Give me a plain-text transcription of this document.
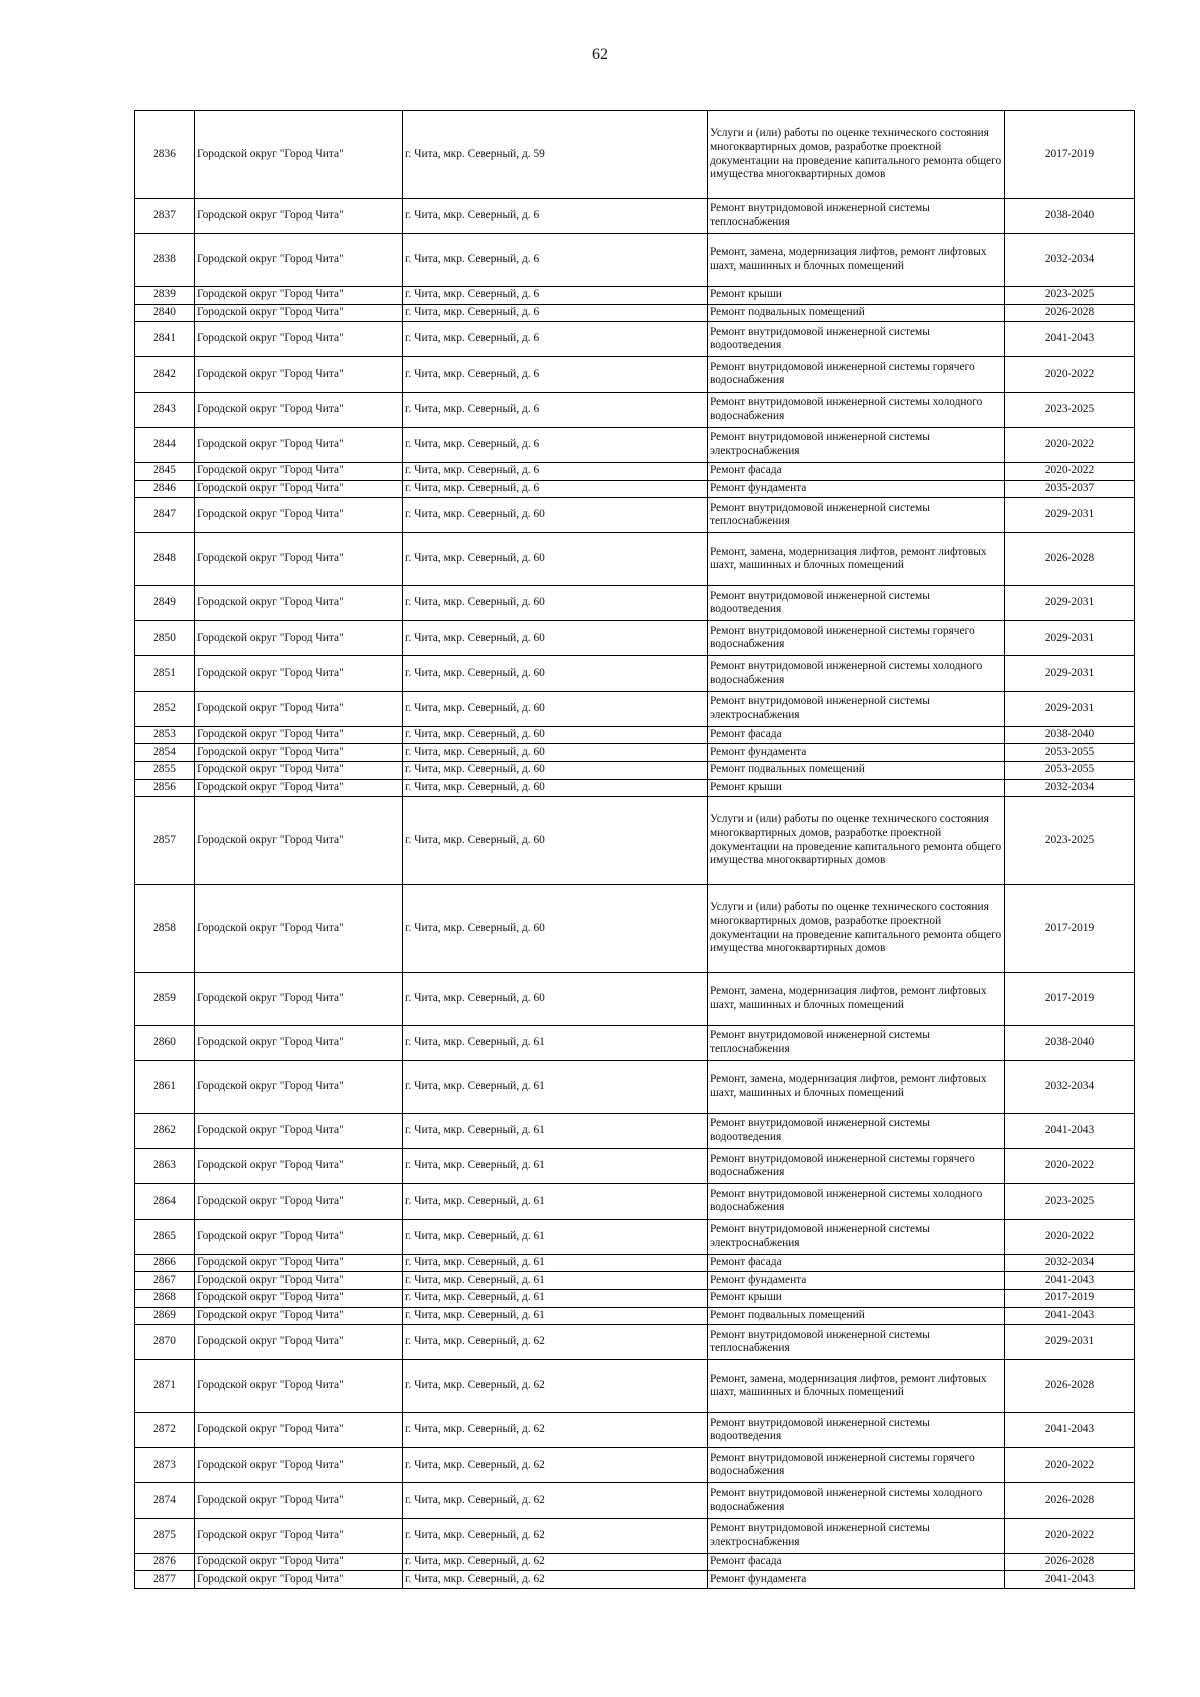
62
2836	Городской округ "Город Чита"	г. Чита, мкр. Северный, д. 59	Услуги и (или) работы по оценке технического состояния многоквартирных домов, разработке проектной документации на проведение капитального ремонта общего имущества многоквартирных домов	2017-2019
2837	Городской округ "Город Чита"	г. Чита, мкр. Северный, д. 6	Ремонт внутридомовой инженерной системы теплоснабжения	2038-2040
2838	Городской округ "Город Чита"	г. Чита, мкр. Северный, д. 6	Ремонт, замена, модернизация лифтов, ремонт лифтовых шахт, машинных и блочных помещений	2032-2034
2839	Городской округ "Город Чита"	г. Чита, мкр. Северный, д. 6	Ремонт крыши	2023-2025
2840	Городской округ "Город Чита"	г. Чита, мкр. Северный, д. 6	Ремонт подвальных помещений	2026-2028
2841	Городской округ "Город Чита"	г. Чита, мкр. Северный, д. 6	Ремонт внутридомовой инженерной системы водоотведения	2041-2043
2842	Городской округ "Город Чита"	г. Чита, мкр. Северный, д. 6	Ремонт внутридомовой инженерной системы горячего водоснабжения	2020-2022
2843	Городской округ "Город Чита"	г. Чита, мкр. Северный, д. 6	Ремонт внутридомовой инженерной системы холодного водоснабжения	2023-2025
2844	Городской округ "Город Чита"	г. Чита, мкр. Северный, д. 6	Ремонт внутридомовой инженерной системы электроснабжения	2020-2022
2845	Городской округ "Город Чита"	г. Чита, мкр. Северный, д. 6	Ремонт фасада	2020-2022
2846	Городской округ "Город Чита"	г. Чита, мкр. Северный, д. 6	Ремонт фундамента	2035-2037
2847	Городской округ "Город Чита"	г. Чита, мкр. Северный, д. 60	Ремонт внутридомовой инженерной системы теплоснабжения	2029-2031
2848	Городской округ "Город Чита"	г. Чита, мкр. Северный, д. 60	Ремонт, замена, модернизация лифтов, ремонт лифтовых шахт, машинных и блочных помещений	2026-2028
2849	Городской округ "Город Чита"	г. Чита, мкр. Северный, д. 60	Ремонт внутридомовой инженерной системы водоотведения	2029-2031
2850	Городской округ "Город Чита"	г. Чита, мкр. Северный, д. 60	Ремонт внутридомовой инженерной системы горячего водоснабжения	2029-2031
2851	Городской округ "Город Чита"	г. Чита, мкр. Северный, д. 60	Ремонт внутридомовой инженерной системы холодного водоснабжения	2029-2031
2852	Городской округ "Город Чита"	г. Чита, мкр. Северный, д. 60	Ремонт внутридомовой инженерной системы электроснабжения	2029-2031
2853	Городской округ "Город Чита"	г. Чита, мкр. Северный, д. 60	Ремонт фасада	2038-2040
2854	Городской округ "Город Чита"	г. Чита, мкр. Северный, д. 60	Ремонт фундамента	2053-2055
2855	Городской округ "Город Чита"	г. Чита, мкр. Северный, д. 60	Ремонт подвальных помещений	2053-2055
2856	Городской округ "Город Чита"	г. Чита, мкр. Северный, д. 60	Ремонт крыши	2032-2034
2857	Городской округ "Город Чита"	г. Чита, мкр. Северный, д. 60	Услуги и (или) работы по оценке технического состояния многоквартирных домов, разработке проектной документации на проведение капитального ремонта общего имущества многоквартирных домов	2023-2025
2858	Городской округ "Город Чита"	г. Чита, мкр. Северный, д. 60	Услуги и (или) работы по оценке технического состояния многоквартирных домов, разработке проектной документации на проведение капитального ремонта общего имущества многоквартирных домов	2017-2019
2859	Городской округ "Город Чита"	г. Чита, мкр. Северный, д. 60	Ремонт, замена, модернизация лифтов, ремонт лифтовых шахт, машинных и блочных помещений	2017-2019
2860	Городской округ "Город Чита"	г. Чита, мкр. Северный, д. 61	Ремонт внутридомовой инженерной системы теплоснабжения	2038-2040
2861	Городской округ "Город Чита"	г. Чита, мкр. Северный, д. 61	Ремонт, замена, модернизация лифтов, ремонт лифтовых шахт, машинных и блочных помещений	2032-2034
2862	Городской округ "Город Чита"	г. Чита, мкр. Северный, д. 61	Ремонт внутридомовой инженерной системы водоотведения	2041-2043
2863	Городской округ "Город Чита"	г. Чита, мкр. Северный, д. 61	Ремонт внутридомовой инженерной системы горячего водоснабжения	2020-2022
2864	Городской округ "Город Чита"	г. Чита, мкр. Северный, д. 61	Ремонт внутридомовой инженерной системы холодного водоснабжения	2023-2025
2865	Городской округ "Город Чита"	г. Чита, мкр. Северный, д. 61	Ремонт внутридомовой инженерной системы электроснабжения	2020-2022
2866	Городской округ "Город Чита"	г. Чита, мкр. Северный, д. 61	Ремонт фасада	2032-2034
2867	Городской округ "Город Чита"	г. Чита, мкр. Северный, д. 61	Ремонт фундамента	2041-2043
2868	Городской округ "Город Чита"	г. Чита, мкр. Северный, д. 61	Ремонт крыши	2017-2019
2869	Городской округ "Город Чита"	г. Чита, мкр. Северный, д. 61	Ремонт подвальных помещений	2041-2043
2870	Городской округ "Город Чита"	г. Чита, мкр. Северный, д. 62	Ремонт внутридомовой инженерной системы теплоснабжения	2029-2031
2871	Городской округ "Город Чита"	г. Чита, мкр. Северный, д. 62	Ремонт, замена, модернизация лифтов, ремонт лифтовых шахт, машинных и блочных помещений	2026-2028
2872	Городской округ "Город Чита"	г. Чита, мкр. Северный, д. 62	Ремонт внутридомовой инженерной системы водоотведения	2041-2043
2873	Городской округ "Город Чита"	г. Чита, мкр. Северный, д. 62	Ремонт внутридомовой инженерной системы горячего водоснабжения	2020-2022
2874	Городской округ "Город Чита"	г. Чита, мкр. Северный, д. 62	Ремонт внутридомовой инженерной системы холодного водоснабжения	2026-2028
2875	Городской округ "Город Чита"	г. Чита, мкр. Северный, д. 62	Ремонт внутридомовой инженерной системы электроснабжения	2020-2022
2876	Городской округ "Город Чита"	г. Чита, мкр. Северный, д. 62	Ремонт фасада	2026-2028
2877	Городской округ "Город Чита"	г. Чита, мкр. Северный, д. 62	Ремонт фундамента	2041-2043
